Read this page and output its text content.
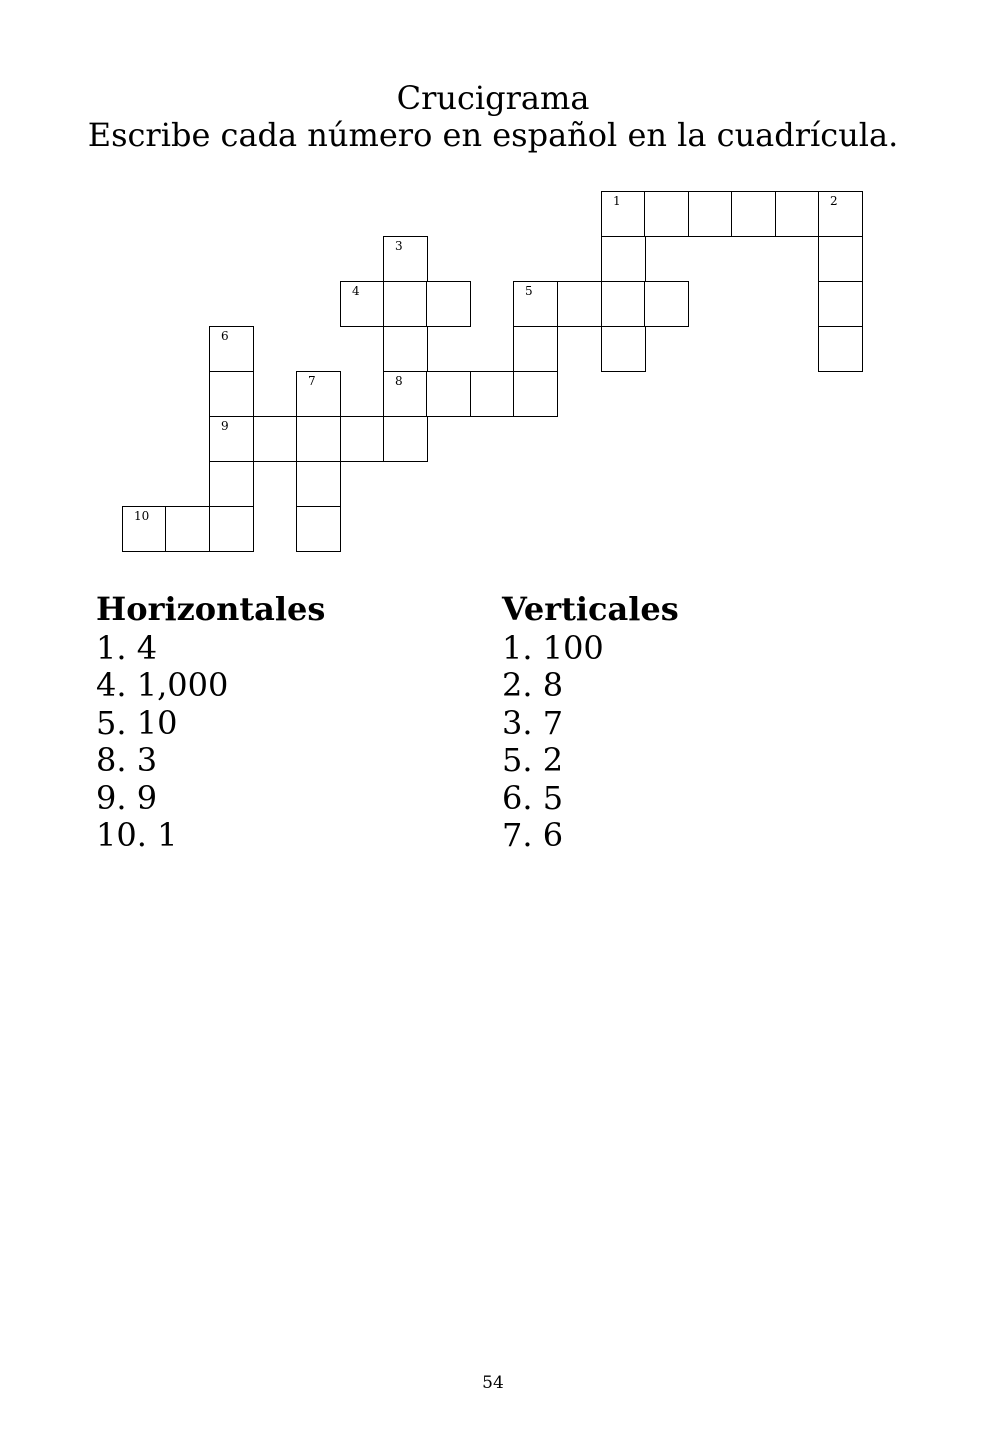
Crucigrama
Escribe cada número en español en la cuadrícula.
1	2
3
4	5
6
7	8
9
10
Horizontales
1. 4
4. 1,000
5. 10
8. 3
9. 9
10. 1
Verticales
1. 100
2. 8
3. 7
5. 2
6. 5
7. 6
54
